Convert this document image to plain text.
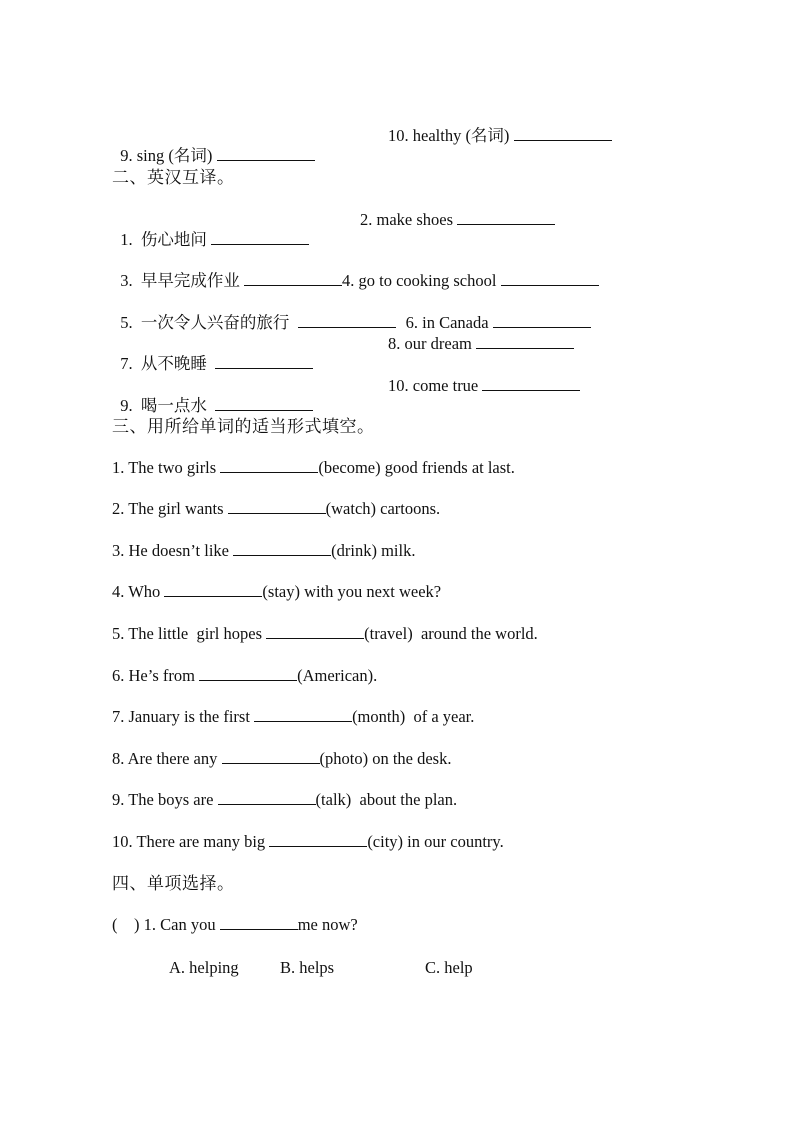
9. sing (名词)

10. healthy (名词)

二、英汉互译。

1.  伤心地问

2. make shoes

3.  早早完成作业	4. go to cooking school

5.  一次令人兴奋的旅行	6. in Canada

7.  从不晚睡

8. our dream

9.  喝一点水

10. come true

三、用所给单词的适当形式填空。
1. The two girls	(become) good friends at last.
2. The girl wants	(watch) cartoons.
3. He doesn’t like	(drink) milk.
4. Who	(stay) with you next week?
5. The little  girl hopes	(travel)  around the world.
6. He’s from	(American).
7. January is the first	(month)  of a year.
8. Are there any	(photo) on the desk.
9. The boys are	(talk)  about the plan.
10. There are many big	(city) in our country.
四、单项选择。
(    ) 1. Can you	me now?
A. helping	B. helps	C. help
